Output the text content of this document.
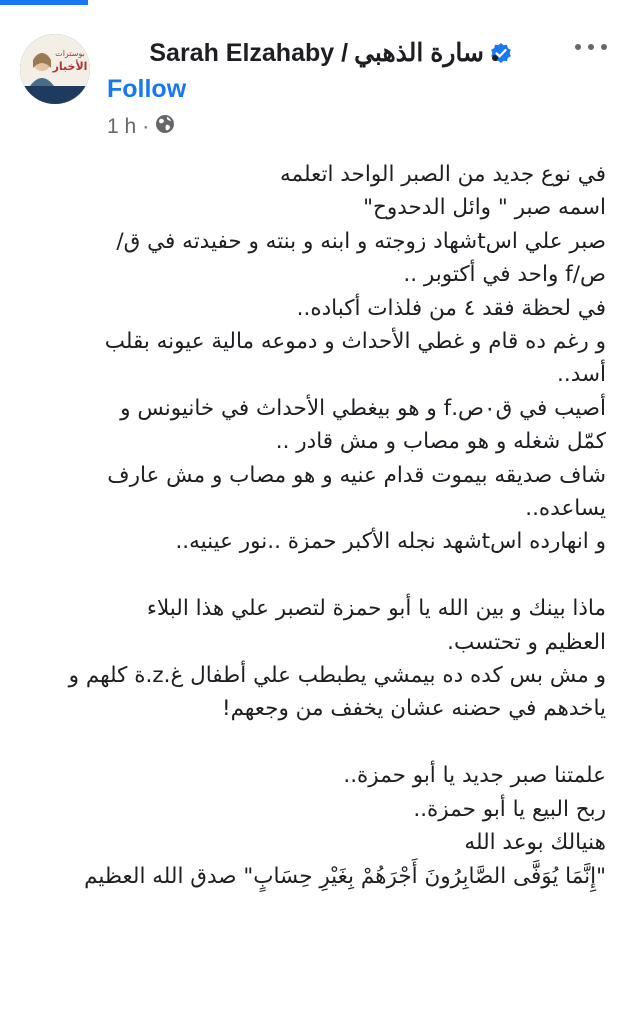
بوسترات
الأخبار Sarah Elzahaby / سارة الذهبي
Follow
1 h ·
في نوع جديد من الصبر الواحد اتعلمه
اسمه صبر " وائل الدحدوح"
صبر علي اسtشهاد زوجته و ابنه و بنته و حفيدته في ق/
ص/f واحد في أكتوبر ..
في لحظة فقد ٤ من فلذات أكباده..
و رغم ده قام و غطي الأحداث و دموعه مالية عيونه بقلب
أسد..
أصيب في ق٠ص.f و هو بيغطي الأحداث في خانيونس و
كمّل شغله و هو مصاب و مش قادر ..
شاف صديقه بيموت قدام عنيه و هو مصاب و مش عارف
يساعده..
و انهارده اسtشهد نجله الأكبر حمزة ..نور عينيه..
ماذا بينك و بين الله يا أبو حمزة لتصبر علي هذا البلاء
العظيم و تحتسب.
و مش بس كده ده بيمشي يطبطب علي أطفال غ.z.ة كلهم و
ياخدهم في حضنه عشان يخفف من وجعهم!
علمتنا صبر جديد يا أبو حمزة..
ربح البيع يا أبو حمزة..
هنيالك بوعد الله
"إِنَّمَا يُوَفَّى الصَّابِرُونَ أَجْرَهُمْ بِغَيْرِ حِسَابٍ" صدق الله العظيم
